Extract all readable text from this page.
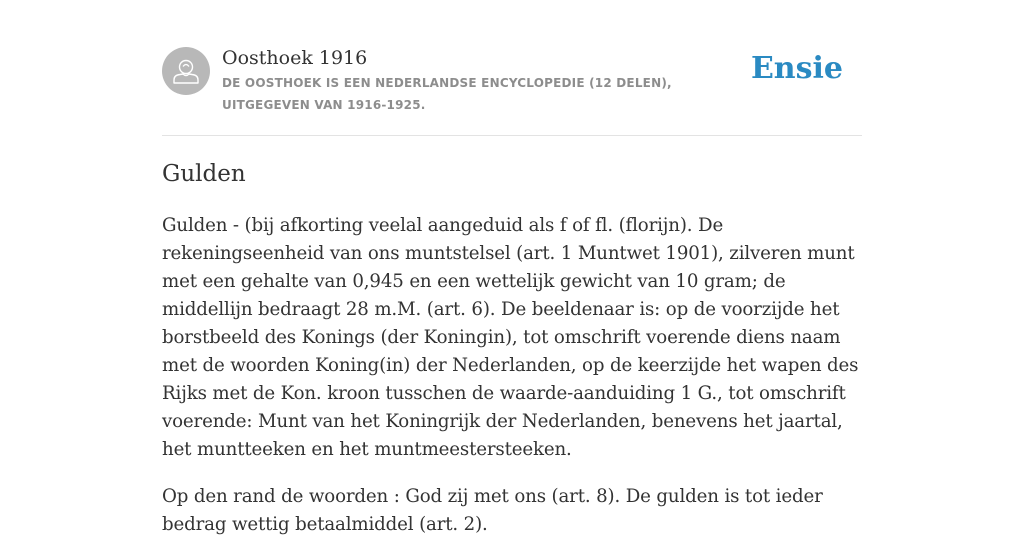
Oosthoek 1916
DE OOSTHOEK IS EEN NEDERLANDSE ENCYCLOPEDIE (12 DELEN), UITGEGEVEN VAN 1916-1925.
Ensie
Gulden

Gulden - (bij afkorting veelal aangeduid als f of fl. (florijn). De rekeningseenheid van ons muntstelsel (art. 1 Muntwet 1901), zilveren munt met een gehalte van 0,945 en een wettelijk gewicht van 10 gram; de middellijn bedraagt 28 m.M. (art. 6). De beeldenaar is: op de voorzijde het borstbeeld des Konings (der Koningin), tot omschrift voerende diens naam met de woorden Koning(in) der Nederlanden, op de keerzijde het wapen des Rijks met de Kon. kroon tusschen de waarde-aanduiding 1 G., tot omschrift voerende: Munt van het Koningrijk der Nederlanden, benevens het jaartal, het muntteeken en het muntmeestersteeken.

Op den rand de woorden : God zij met ons (art. 8). De gulden is tot ieder bedrag wettig betaalmiddel (art. 2).
